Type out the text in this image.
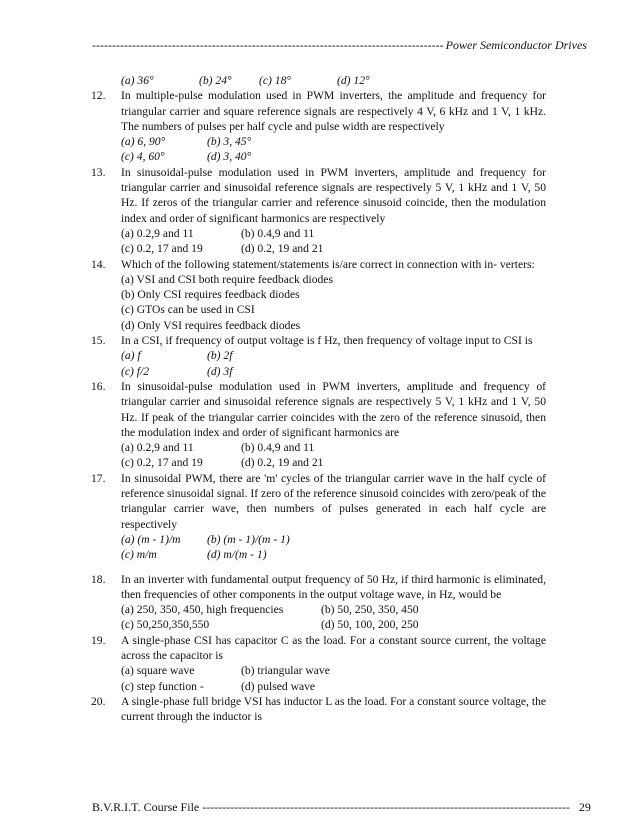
---------------------------------------------------------------------------------------- Power Semiconductor Drives
(a) 36°	(b) 24°	(c) 18°	(d) 12°
12.	In multiple-pulse modulation used in PWM inverters, the amplitude and frequency for triangular carrier and square reference signals are respectively 4 V, 6 kHz and 1 V, 1 kHz. The numbers of pulses per half cycle and pulse width are respectively
(a) 6, 90°	(b) 3, 45°
(c) 4, 60°	(d) 3, 40°
13.	In sinusoidal-pulse modulation used in PWM inverters, amplitude and frequency for triangular carrier and sinusoidal reference signals are respectively 5 V, 1 kHz and 1 V, 50 Hz. If zeros of the triangular carrier and reference sinusoid coincide, then the modulation index and order of significant harmonics are respectively
(a) 0.2,9 and 11	(b) 0.4,9 and 11
(c) 0.2, 17 and 19	(d) 0.2, 19 and 21
14.	Which of the following statement/statements is/are correct in connection with in- verters:
(a) VSI and CSI both require feedback diodes
(b) Only CSI requires feedback diodes
(c) GTOs can be used in CSI
(d) Only VSI requires feedback diodes
15.	In a CSI, if frequency of output voltage is f Hz, then frequency of voltage input to CSI is
(a) f	(b) 2f
(c) f/2	(d) 3f
16.	In sinusoidal-pulse modulation used in PWM inverters, amplitude and frequency of triangular carrier and sinusoidal reference signals are respectively 5 V, 1 kHz and 1 V, 50 Hz. If peak of the triangular carrier coincides with the zero of the reference sinusoid, then the modulation index and order of significant harmonics are
(a) 0.2,9 and 11	(b) 0.4,9 and 11
(c) 0.2, 17 and 19	(d) 0.2, 19 and 21
17.	In sinusoidal PWM, there are 'm' cycles of the triangular carrier wave in the half cycle of reference sinusoidal signal. If zero of the reference sinusoid coincides with zero/peak of the triangular carrier wave, then numbers of pulses generated in each half cycle are respectively
(a) (m - 1)/m	(b) (m - 1)/(m - 1)
(c) m/m	(d) m/(m - 1)
18.	In an inverter with fundamental output frequency of 50 Hz, if third harmonic is eliminated, then frequencies of other components in the output voltage wave, in Hz, would be
(a) 250, 350, 450, high frequencies	(b) 50, 250, 350, 450
(c) 50,250,350,550	(d) 50, 100, 200, 250
19.	A single-phase CSI has capacitor C as the load. For a constant source current, the voltage across the capacitor is
(a) square wave	(b) triangular wave
(c) step function -	(d) pulsed wave
20.	A single-phase full bridge VSI has inductor L as the load. For a constant source voltage, the current through the inductor is
B.V.R.I.T. Course File -------------------------------------------------------------------------------------------- 29
